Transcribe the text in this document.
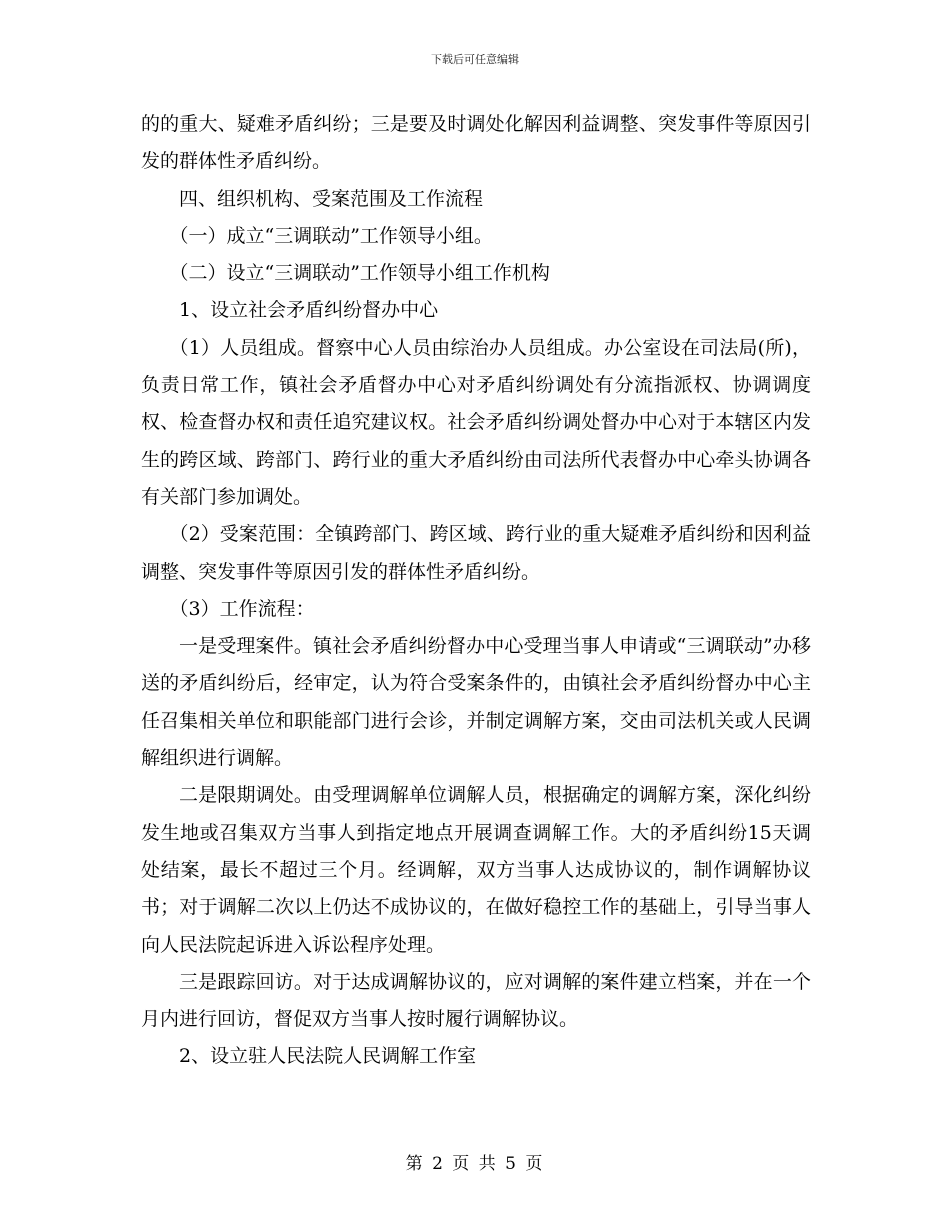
下载后可任意编辑

的的重大、疑难矛盾纠纷；三是要及时调处化解因利益调整、突发事件等原因引发的群体性矛盾纠纷。

四、组织机构、受案范围及工作流程

（一）成立“三调联动”工作领导小组。

（二）设立“三调联动”工作领导小组工作机构

1、设立社会矛盾纠纷督办中心

（1）人员组成。督察中心人员由综治办人员组成。办公室设在司法局(所)，负责日常工作，镇社会矛盾督办中心对矛盾纠纷调处有分流指派权、协调调度权、检查督办权和责任追究建议权。社会矛盾纠纷调处督办中心对于本辖区内发生的跨区域、跨部门、跨行业的重大矛盾纠纷由司法所代表督办中心牵头协调各有关部门参加调处。

（2）受案范围：全镇跨部门、跨区域、跨行业的重大疑难矛盾纠纷和因利益调整、突发事件等原因引发的群体性矛盾纠纷。

（3）工作流程：

一是受理案件。镇社会矛盾纠纷督办中心受理当事人申请或“三调联动”办移送的矛盾纠纷后，经审定，认为符合受案条件的，由镇社会矛盾纠纷督办中心主任召集相关单位和职能部门进行会诊，并制定调解方案，交由司法机关或人民调解组织进行调解。

二是限期调处。由受理调解单位调解人员，根据确定的调解方案，深化纠纷发生地或召集双方当事人到指定地点开展调查调解工作。大的矛盾纠纷15天调处结案，最长不超过三个月。经调解，双方当事人达成协议的，制作调解协议书；对于调解二次以上仍达不成协议的，在做好稳控工作的基础上，引导当事人向人民法院起诉进入诉讼程序处理。

三是跟踪回访。对于达成调解协议的，应对调解的案件建立档案，并在一个月内进行回访，督促双方当事人按时履行调解协议。

2、设立驻人民法院人民调解工作室

第 2 页 共 5 页
